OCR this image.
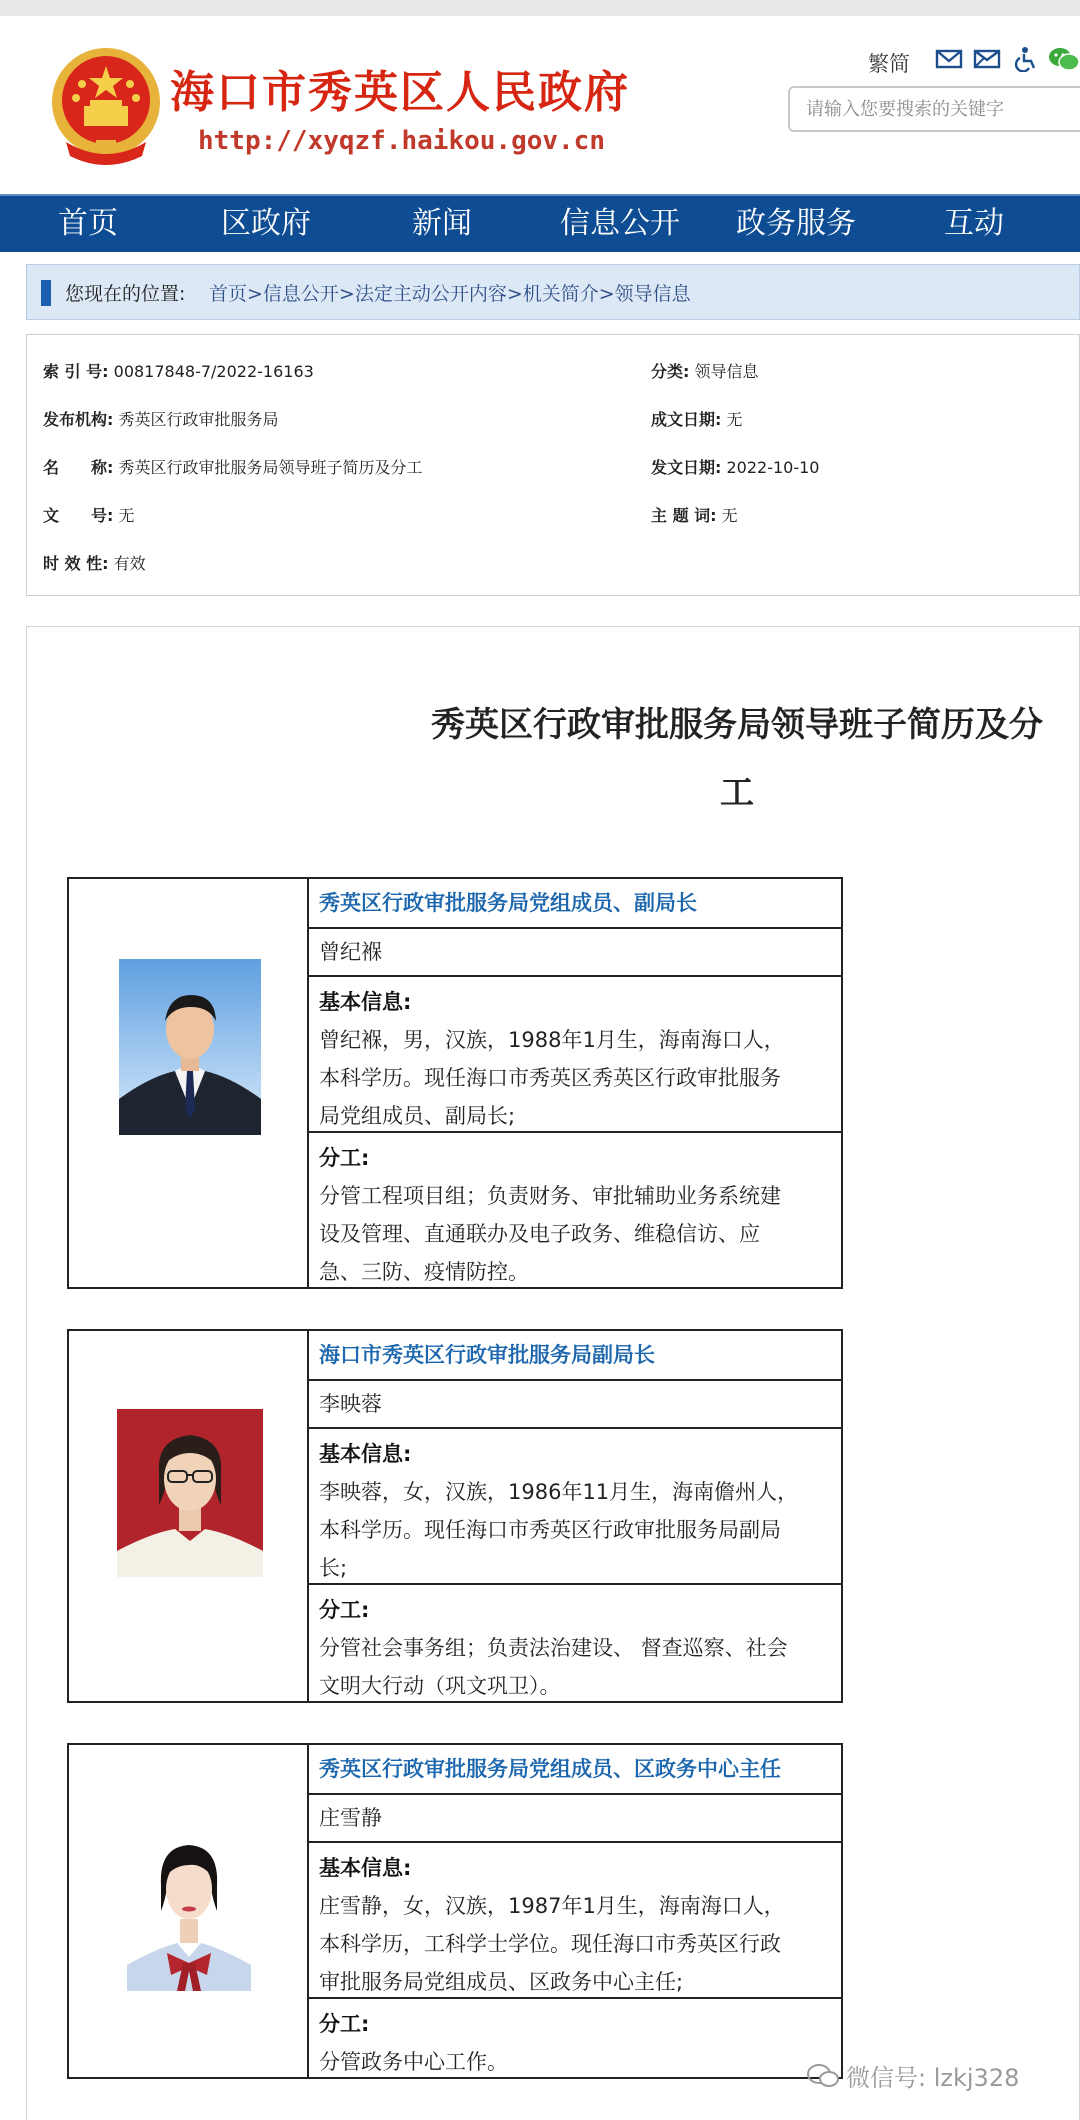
海口市秀英区人民政府
http://xyqzf.haikou.gov.cn
繁简
请输入您要搜索的关键字
首页	区政府	新闻	信息公开	政务服务	互动
您现在的位置: 首页>信息公开>法定主动公开内容>机关简介>领导信息
索 引 号: 00817848-7/2022-16163	分类: 领导信息
发布机构: 秀英区行政审批服务局	成文日期: 无
名　　称: 秀英区行政审批服务局领导班子简历及分工	发文日期: 2022-10-10
文　　号: 无	主 题 词: 无
时 效 性: 有效
秀英区行政审批服务局领导班子简历及分
工
秀英区行政审批服务局党组成员、副局长
曾纪褓
基本信息:
曾纪褓，男，汉族，1988年1月生，海南海口人，
本科学历。现任海口市秀英区秀英区行政审批服务
局党组成员、副局长;
分工:
分管工程项目组；负责财务、审批辅助业务系统建
设及管理、直通联办及电子政务、维稳信访、应
急、三防、疫情防控。
海口市秀英区行政审批服务局副局长
李映蓉
基本信息:
李映蓉，女，汉族，1986年11月生，海南儋州人，
本科学历。现任海口市秀英区行政审批服务局副局
长;
分工:
分管社会事务组；负责法治建设、 督查巡察、社会
文明大行动（巩文巩卫）。
秀英区行政审批服务局党组成员、区政务中心主任
庄雪静
基本信息:
庄雪静，女，汉族，1987年1月生，海南海口人，
本科学历，工科学士学位。现任海口市秀英区行政
审批服务局党组成员、区政务中心主任;
分工:
分管政务中心工作。
微信号: lzkj328
